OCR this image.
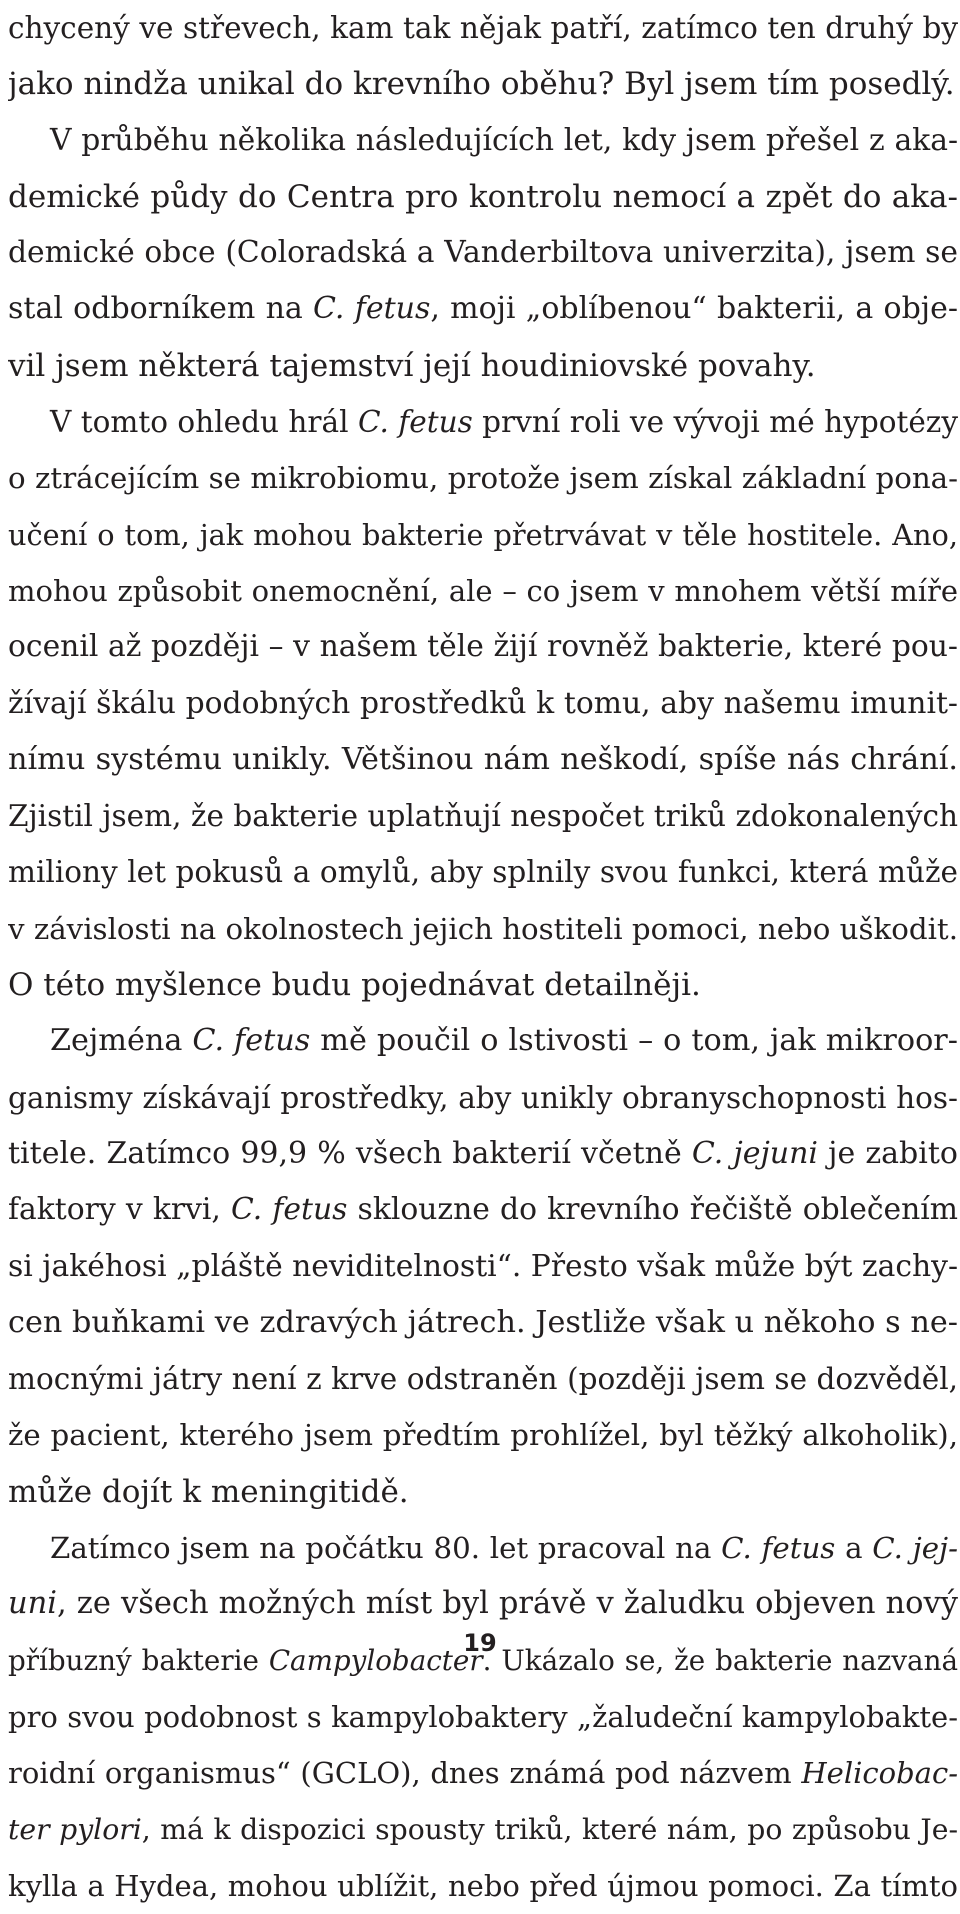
chycený ve střevech, kam tak nějak patří, zatímco ten druhý by
jako nindža unikal do krevního oběhu? Byl jsem tím posedlý.
V průběhu několika následujících let, kdy jsem přešel z aka-
demické půdy do Centra pro kontrolu nemocí a zpět do aka-
demické obce (Coloradská a Vanderbiltova univerzita), jsem se
stal odborníkem na C. fetus, moji „oblíbenou“ bakterii, a obje-
vil jsem některá tajemství její houdiniovské povahy.
V tomto ohledu hrál C. fetus první roli ve vývoji mé hypotézy
o ztrácejícím se mikrobiomu, protože jsem získal základní pona-
učení o tom, jak mohou bakterie přetrvávat v těle hostitele. Ano,
mohou způsobit onemocnění, ale – co jsem v mnohem větší míře
ocenil až později – v našem těle žijí rovněž bakterie, které pou-
žívají škálu podobných prostředků k tomu, aby našemu imunit-
nímu systému unikly. Většinou nám neškodí, spíše nás chrání.
Zjistil jsem, že bakterie uplatňují nespočet triků zdokonalených
miliony let pokusů a omylů, aby splnily svou funkci, která může
v závislosti na okolnostech jejich hostiteli pomoci, nebo uškodit.
O této myšlence budu pojednávat detailněji.
Zejména C. fetus mě poučil o lstivosti – o tom, jak mikroor-
ganismy získávají prostředky, aby unikly obranyschopnosti hos-
titele. Zatímco 99,9 % všech bakterií včetně C. jejuni je zabito
faktory v krvi, C. fetus sklouzne do krevního řečiště oblečením
si jakéhosi „pláště neviditelnosti“. Přesto však může být zachy-
cen buňkami ve zdravých játrech. Jestliže však u někoho s ne-
mocnými játry není z krve odstraněn (později jsem se dozvěděl,
že pacient, kterého jsem předtím prohlížel, byl těžký alkoholik),
může dojít k meningitidě.
Zatímco jsem na počátku 80. let pracoval na C. fetus a C. jej-
uni, ze všech možných míst byl právě v žaludku objeven nový
příbuzný bakterie Campylobacter. Ukázalo se, že bakterie nazvaná
pro svou podobnost s kampylobaktery „žaludeční kampylobakte-
roidní organismus“ (GCLO), dnes známá pod názvem Helicobac-
ter pylori, má k dispozici spousty triků, které nám, po způsobu Je-
kylla a Hydea, mohou ublížit, nebo před újmou pomoci. Za tímto
19
